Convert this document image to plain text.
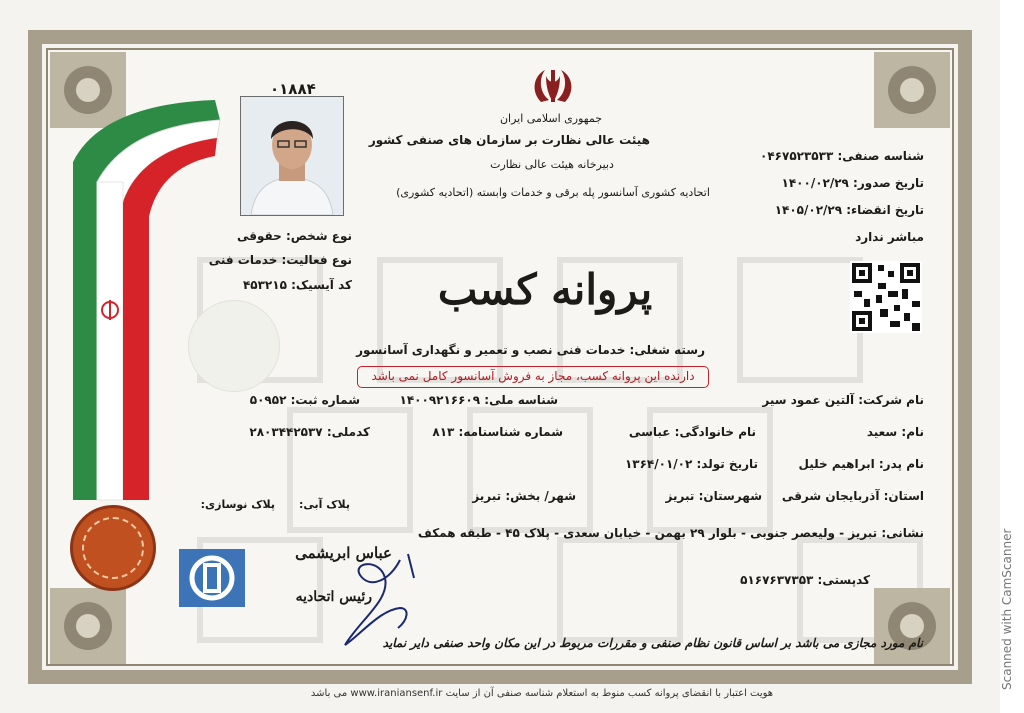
۰۱۸۸۴
جمهوری اسلامی ایران
هیئت عالی نظارت بر سازمان های صنفی کشور
دبیرخانه هیئت عالی نظارت
اتحادیه کشوری آسانسور پله برقی و خدمات وابسته (اتحادیه کشوری)
پروانه کسب
شناسه صنفی: ۰۴۶۷۵۲۳۵۳۳
تاریخ صدور: ۱۴۰۰/۰۲/۲۹
تاریخ انقضاء: ۱۴۰۵/۰۲/۲۹
مباشر ندارد
نوع شخص: حقوقی
نوع فعالیت: خدمات فنی
کد آیسیک: ۴۵۳۲۱۵
رسته شغلی: خدمات فنی نصب و تعمیر و نگهداری آسانسور
دارنده این پروانه کسب، مجاز به فروش آسانسور کامل نمی باشد
نام شرکت: آلتین عمود سیر
شناسه ملی: ۱۴۰۰۹۲۱۶۶۰۹
شماره ثبت: ۵۰۹۵۲
نام: سعید
نام خانوادگی: عباسی
شماره شناسنامه: ۸۱۳
کدملی: ۲۸۰۳۴۴۲۵۳۷
نام پدر: ابراهیم خلیل
تاریخ تولد: ۱۳۶۴/۰۱/۰۲
استان: آذربایجان شرقی
شهرستان: تبریز
شهر/ بخش: تبریز
پلاک آبی:
پلاک نوسازی:
نشانی: تبریز - ولیعصر جنوبی - بلوار ۲۹ بهمن - خیابان سعدی - پلاک ۴۵ - طبقه همکف
کدپستی: ۵۱۶۷۶۳۷۳۵۳
عباس ابریشمی
رئیس اتحادیه
نام مورد مجازی می باشد بر اساس قانون نظام صنفی و مقررات مربوط در این مکان واحد صنفی دایر نماید
هویت اعتبار با انقضای پروانه کسب منوط به استعلام شناسه صنفی آن از سایت www.iraniansenf.ir می باشد
Scanned with CamScanner
